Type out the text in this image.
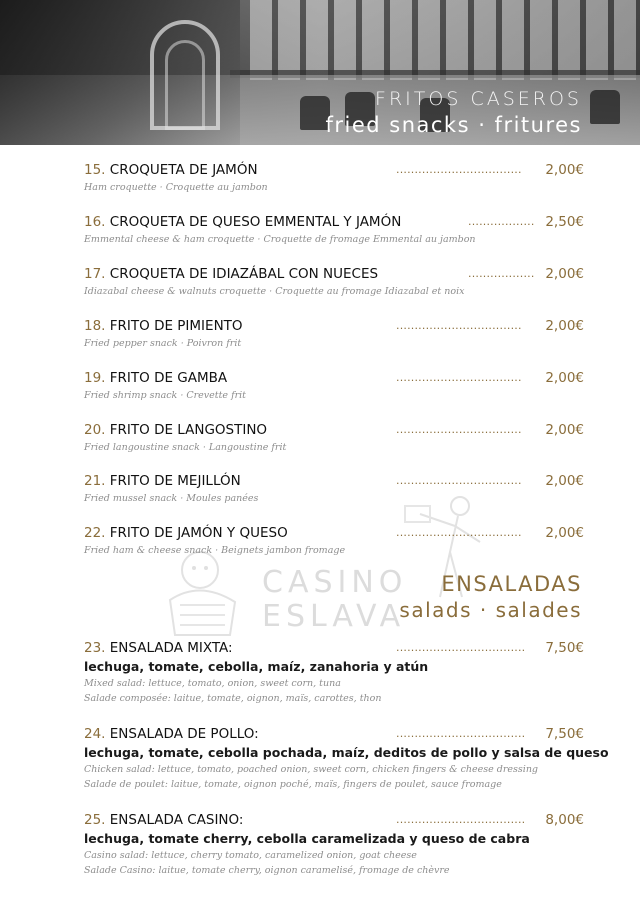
FRITOS CASEROS
fried snacks · fritures
CASINO
ESLAVA
15. CROQUETA DE JAMÓN	.................................. 2,00€
Ham croquette · Croquette au jambon
16. CROQUETA DE QUESO EMMENTAL Y JAMÓN	.................. 2,50€
Emmental cheese & ham croquette · Croquette de fromage Emmental au jambon
17. CROQUETA DE IDIAZÁBAL CON NUECES	.................. 2,00€
Idiazabal cheese & walnuts croquette · Croquette au fromage Idiazabal et noix
18. FRITO DE PIMIENTO	.................................. 2,00€
Fried pepper snack · Poivron frit
19. FRITO DE GAMBA	.................................. 2,00€
Fried shrimp snack · Crevette frit
20. FRITO DE LANGOSTINO	.................................. 2,00€
Fried langoustine snack · Langoustine frit
21. FRITO DE MEJILLÓN	.................................. 2,00€
Fried mussel snack · Moules panées
22. FRITO DE JAMÓN Y QUESO	.................................. 2,00€
Fried ham & cheese snack · Beignets jambon fromage
ENSALADAS
salads · salades
23. ENSALADA MIXTA:	................................... 7,50€
lechuga, tomate, cebolla, maíz, zanahoria y atún
Mixed salad: lettuce, tomato, onion, sweet corn, tuna
Salade composée: laitue, tomate, oignon, maïs, carottes, thon
24. ENSALADA DE POLLO:	................................... 7,50€
lechuga, tomate, cebolla pochada, maíz, deditos de pollo y salsa de queso
Chicken salad: lettuce, tomato, poached onion, sweet corn, chicken fingers & cheese dressing
Salade de poulet: laitue, tomate, oignon poché, maïs, fingers de poulet, sauce fromage
25. ENSALADA CASINO:	................................... 8,00€
lechuga, tomate cherry, cebolla caramelizada y queso de cabra
Casino salad: lettuce, cherry tomato, caramelized onion, goat cheese
Salade Casino: laitue, tomate cherry, oignon caramelisé, fromage de chèvre
